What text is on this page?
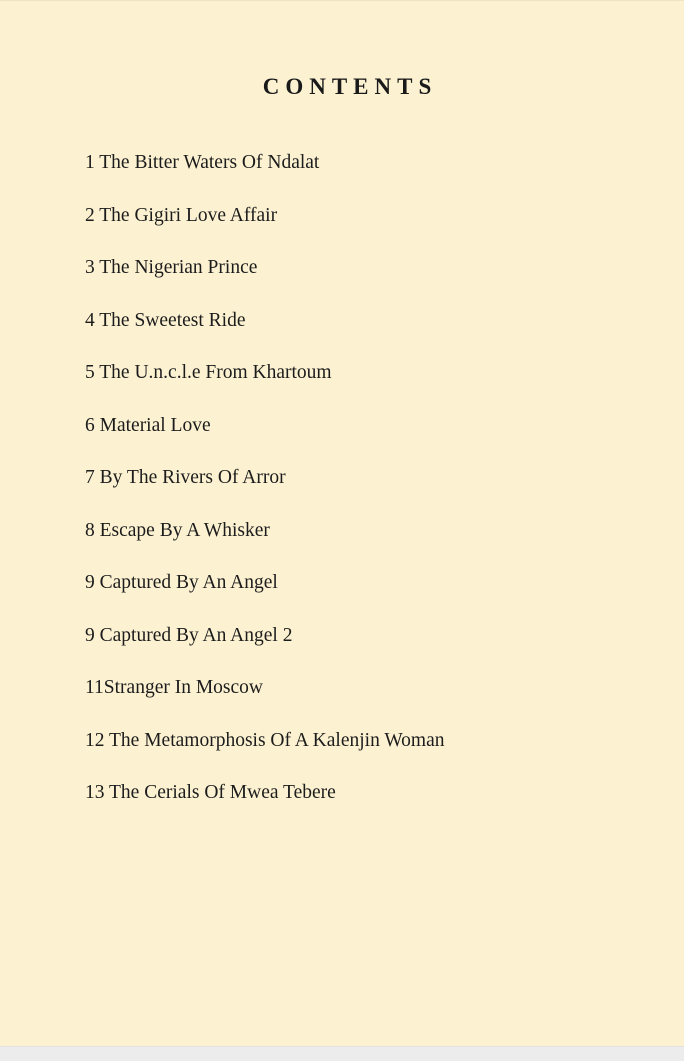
CONTENTS
1 The Bitter Waters Of Ndalat
2 The Gigiri Love Affair
3 The Nigerian Prince
4 The Sweetest Ride
5 The U.n.c.l.e From Khartoum
6 Material Love
7 By The Rivers Of Arror
8 Escape By A Whisker
9 Captured By An Angel
9 Captured By An Angel 2
11Stranger In Moscow
12 The Metamorphosis Of A Kalenjin Woman
13 The Cerials Of Mwea Tebere
